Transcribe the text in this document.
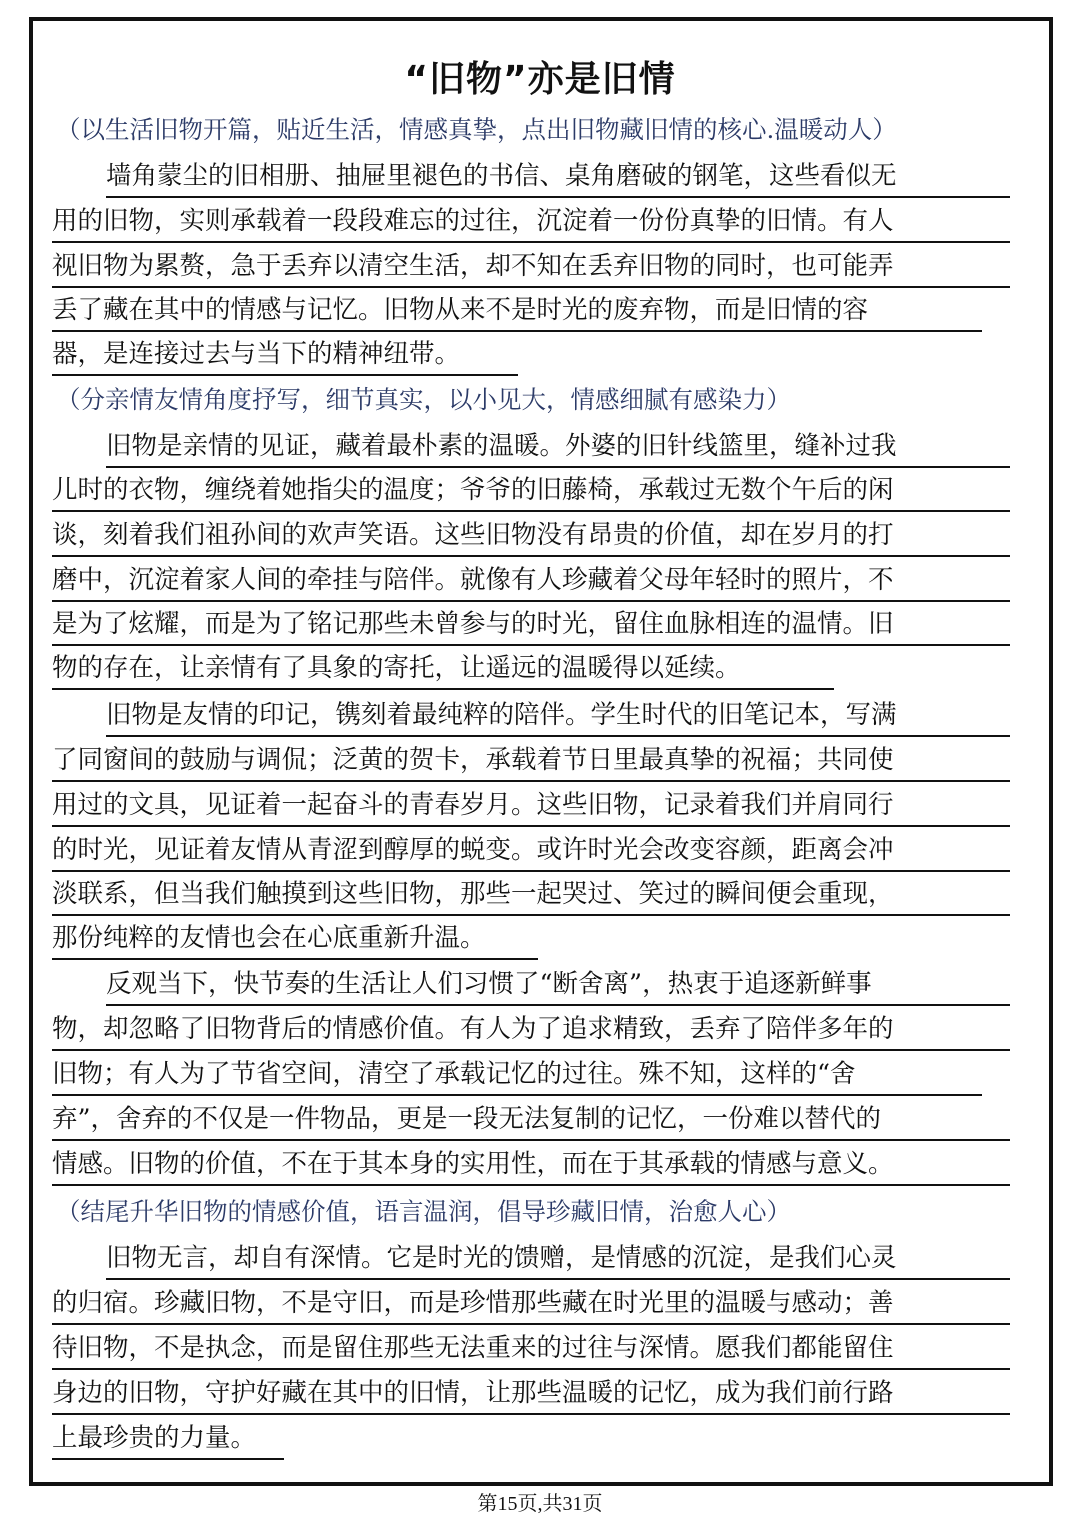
“旧物”亦是旧情
（以生活旧物开篇，贴近生活，情感真挚，点出旧物藏旧情的核心.温暖动人）
墙角蒙尘的旧相册、抽屉里褪色的书信、桌角磨破的钢笔，这些看似无
用的旧物，实则承载着一段段难忘的过往，沉淀着一份份真挚的旧情。有人
视旧物为累赘，急于丢弃以清空生活，却不知在丢弃旧物的同时，也可能弄
丢了藏在其中的情感与记忆。旧物从来不是时光的废弃物，而是旧情的容
器，是连接过去与当下的精神纽带。
（分亲情友情角度抒写，细节真实，以小见大，情感细腻有感染力）
旧物是亲情的见证，藏着最朴素的温暖。外婆的旧针线篮里，缝补过我
儿时的衣物，缠绕着她指尖的温度；爷爷的旧藤椅，承载过无数个午后的闲
谈，刻着我们祖孙间的欢声笑语。这些旧物没有昂贵的价值，却在岁月的打
磨中，沉淀着家人间的牵挂与陪伴。就像有人珍藏着父母年轻时的照片，不
是为了炫耀，而是为了铭记那些未曾参与的时光，留住血脉相连的温情。旧
物的存在，让亲情有了具象的寄托，让遥远的温暖得以延续。
旧物是友情的印记，镌刻着最纯粹的陪伴。学生时代的旧笔记本，写满
了同窗间的鼓励与调侃；泛黄的贺卡，承载着节日里最真挚的祝福；共同使
用过的文具，见证着一起奋斗的青春岁月。这些旧物，记录着我们并肩同行
的时光，见证着友情从青涩到醇厚的蜕变。或许时光会改变容颜，距离会冲
淡联系，但当我们触摸到这些旧物，那些一起哭过、笑过的瞬间便会重现，
那份纯粹的友情也会在心底重新升温。
反观当下，快节奏的生活让人们习惯了“断舍离”，热衷于追逐新鲜事
物，却忽略了旧物背后的情感价值。有人为了追求精致，丢弃了陪伴多年的
旧物；有人为了节省空间，清空了承载记忆的过往。殊不知，这样的“舍
弃”，舍弃的不仅是一件物品，更是一段无法复制的记忆，一份难以替代的
情感。旧物的价值，不在于其本身的实用性，而在于其承载的情感与意义。
（结尾升华旧物的情感价值，语言温润，倡导珍藏旧情，治愈人心）
旧物无言，却自有深情。它是时光的馈赠，是情感的沉淀，是我们心灵
的归宿。珍藏旧物，不是守旧，而是珍惜那些藏在时光里的温暖与感动；善
待旧物，不是执念，而是留住那些无法重来的过往与深情。愿我们都能留住
身边的旧物，守护好藏在其中的旧情，让那些温暖的记忆，成为我们前行路
上最珍贵的力量。
第15页,共31页
